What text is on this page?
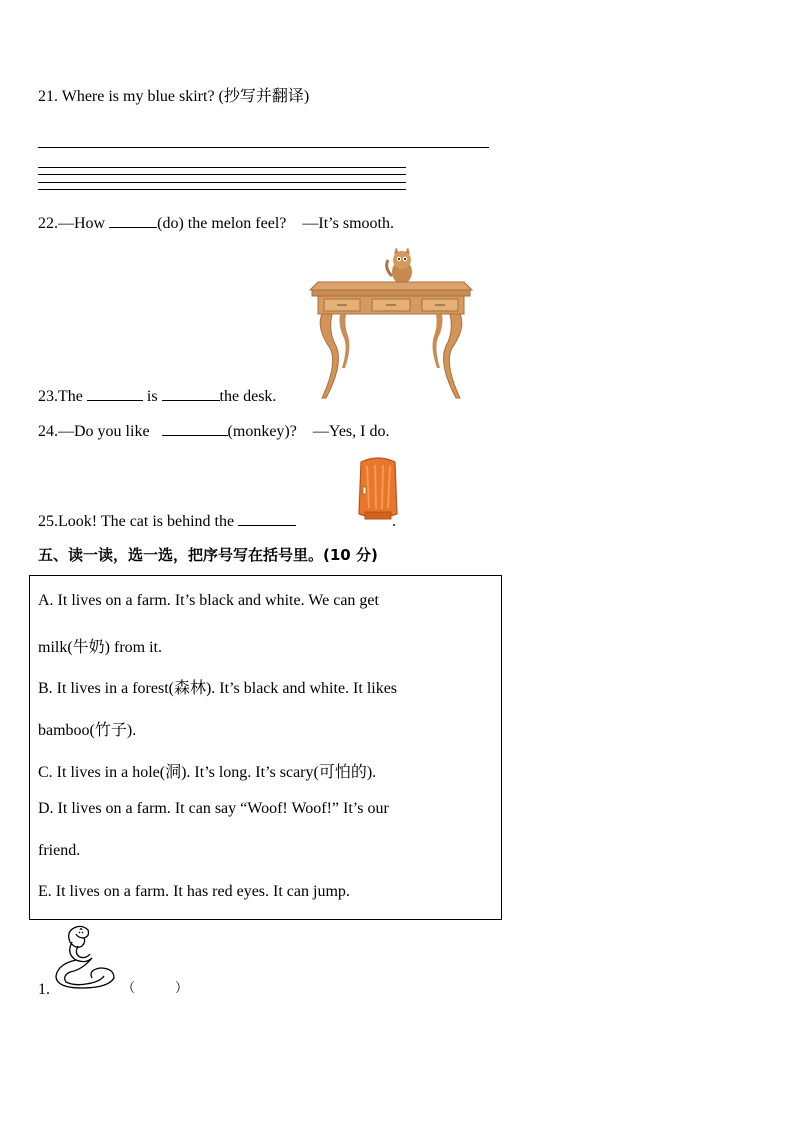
21. Where is my blue skirt? (抄写并翻译)
22.—How	(do) the melon feel? —It’s smooth.
23.The	is	the desk.
24.—Do you like	(monkey)? —Yes, I do.
25.Look! The cat is behind the	.
五、读一读，选一选，把序号写在括号里。(10 分)
A. It lives on a farm. It’s black and white. We can get
milk(牛奶) from it.
B. It lives in a forest(森林). It’s black and white. It likes
bamboo(竹子).
C. It lives in a hole(洞). It’s long. It’s scary(可怕的).
D. It lives on a farm. It can say “Woof! Woof!” It’s our
friend.
E. It lives on a farm. It has red eyes. It can jump.
1.	（	）
